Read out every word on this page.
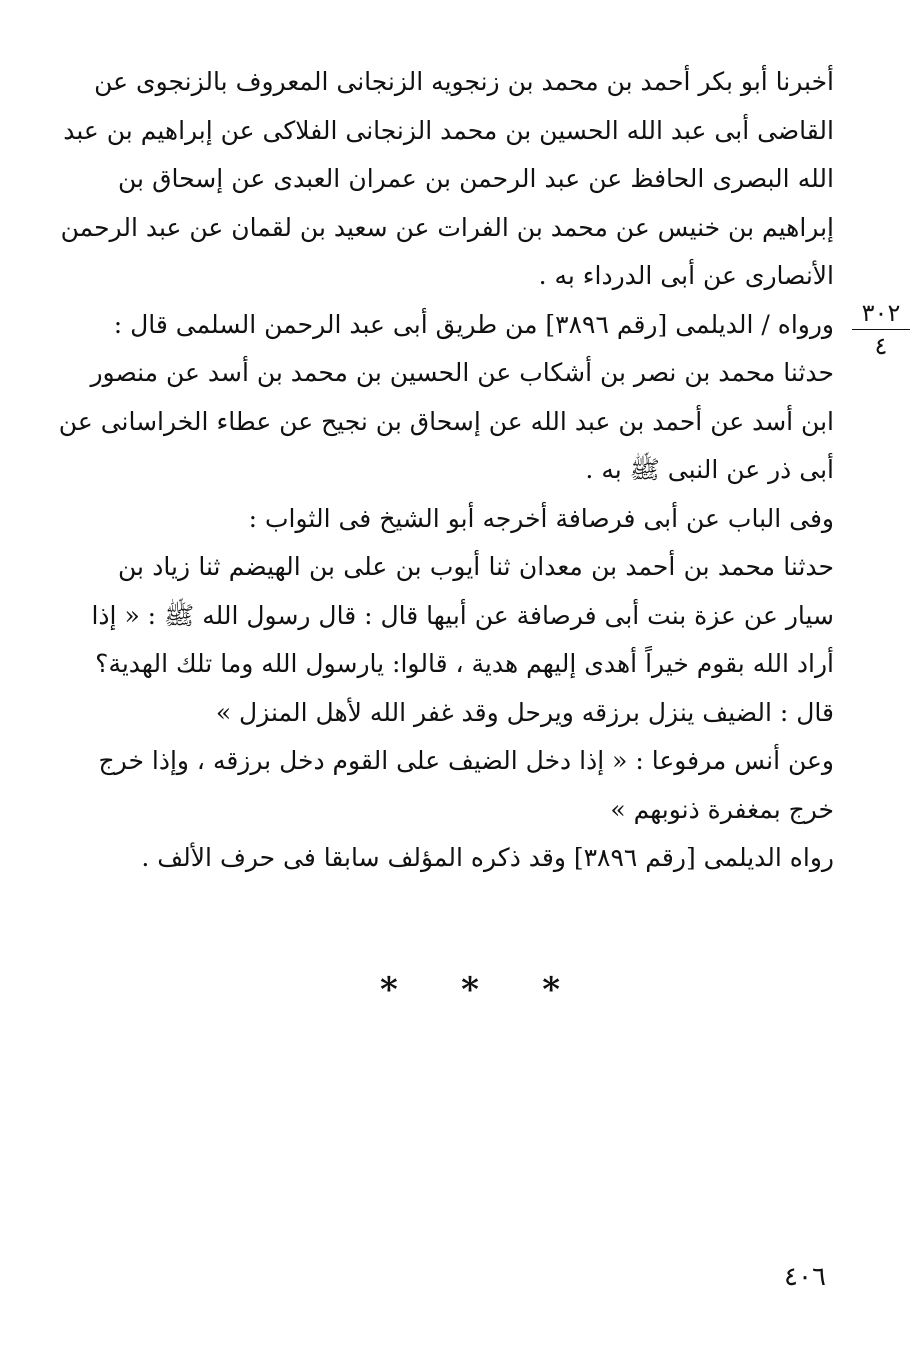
٣٠٢
٤

أخبرنا أبو بكر أحمد بن محمد بن زنجويه الزنجانى المعروف بالزنجوى عن
القاضى أبى عبد الله الحسين بن محمد الزنجانى الفلاكى عن إبراهيم بن عبد
الله البصرى الحافظ عن عبد الرحمن بن عمران العبدى عن إسحاق بن
إبراهيم بن خنيس عن محمد بن الفرات عن سعيد بن لقمان عن عبد الرحمن
الأنصارى عن أبى الدرداء به .

ورواه / الديلمى [رقم ٣٨٩٦] من طريق أبى عبد الرحمن السلمى قال :

حدثنا محمد بن نصر بن أشكاب عن الحسين بن محمد بن أسد عن منصور
ابن أسد عن أحمد بن عبد الله عن إسحاق بن نجيح عن عطاء الخراسانى عن
أبى ذر عن النبى ﷺ به .

وفى الباب عن أبى فرصافة أخرجه أبو الشيخ فى الثواب :

حدثنا محمد بن أحمد بن معدان ثنا أيوب بن على بن الهيضم ثنا زياد بن
سيار عن عزة بنت أبى فرصافة عن أبيها قال : قال رسول الله ﷺ : « إذا
أراد الله بقوم خيراً أهدى إليهم هدية ، قالوا: يارسول الله وما تلك الهدية؟
قال : الضيف ينزل برزقه ويرحل وقد غفر الله لأهل المنزل »

وعن أنس مرفوعا : « إذا دخل الضيف على القوم دخل برزقه ، وإذا خرج
خرج بمغفرة ذنوبهم »

رواه الديلمى [رقم ٣٨٩٦] وقد ذكره المؤلف سابقا فى حرف الألف .

* * *
٤٠٦
